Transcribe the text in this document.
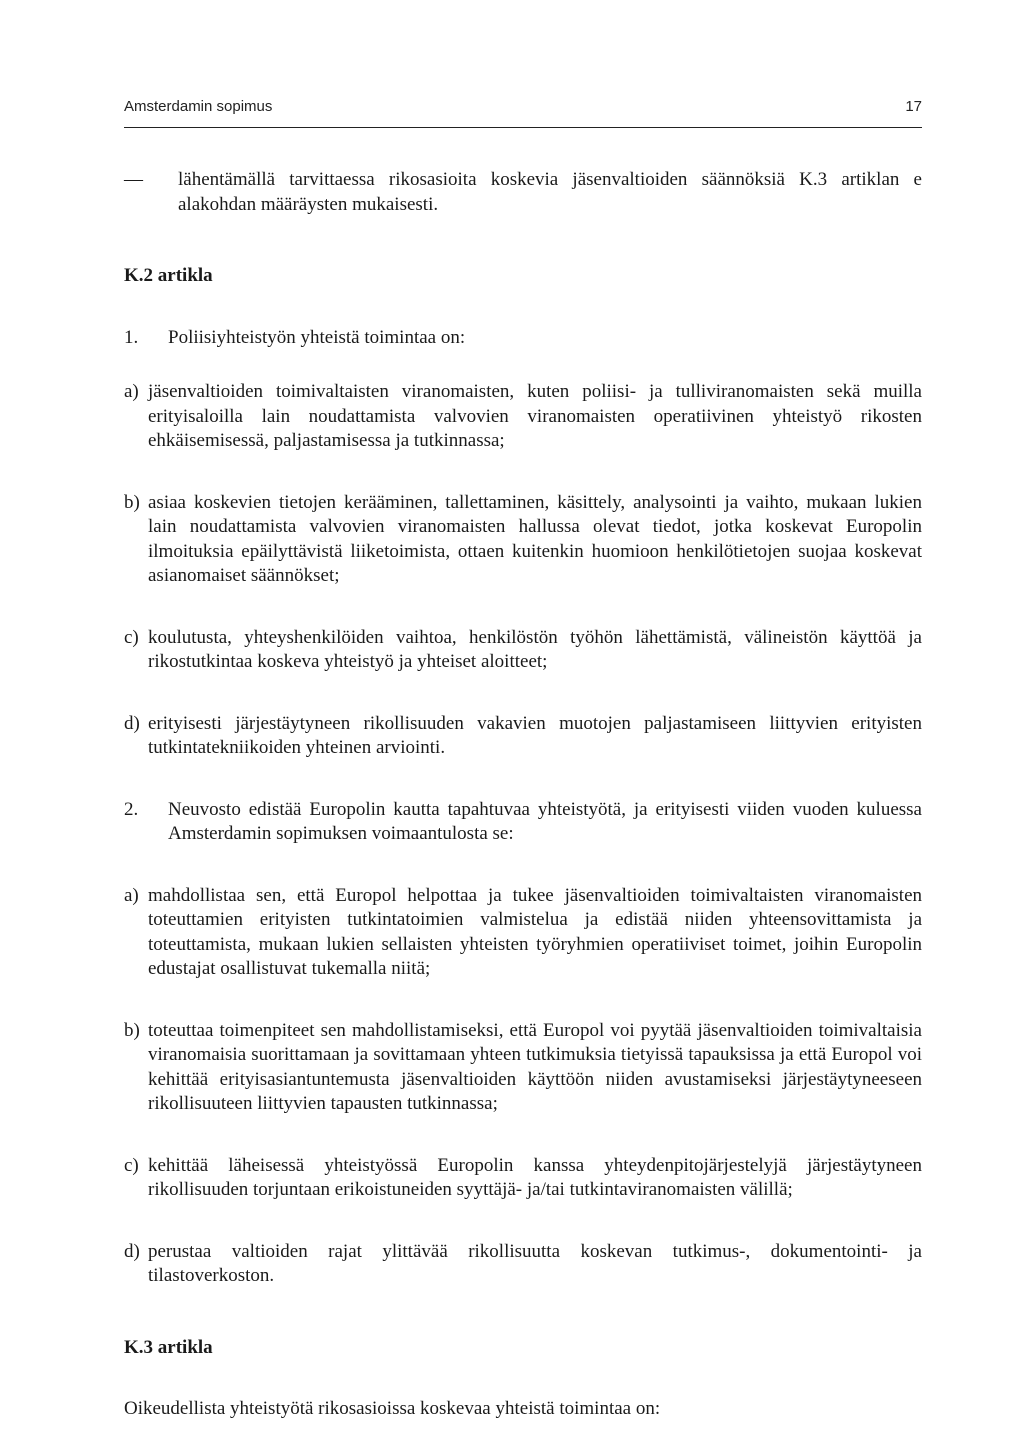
Amsterdamin sopimus	17
—	lähentämällä tarvittaessa rikosasioita koskevia jäsenvaltioiden säännöksiä K.3 artiklan e alakohdan määräysten mukaisesti.

K.2 artikla

1.	Poliisiyhteistyön yhteistä toimintaa on:
a) jäsenvaltioiden toimivaltaisten viranomaisten, kuten poliisi- ja tulliviranomaisten sekä muilla erityisaloilla lain noudattamista valvovien viranomaisten operatiivinen yhteistyö rikosten ehkäisemisessä, paljastamisessa ja tutkinnassa;
b) asiaa koskevien tietojen kerääminen, tallettaminen, käsittely, analysointi ja vaihto, mukaan lukien lain noudattamista valvovien viranomaisten hallussa olevat tiedot, jotka koskevat Europolin ilmoituksia epäilyttävistä liiketoimista, ottaen kuitenkin huomioon henkilötietojen suojaa koskevat asianomaiset säännökset;
c) koulutusta, yhteyshenkilöiden vaihtoa, henkilöstön työhön lähettämistä, välineistön käyttöä ja rikostutkintaa koskeva yhteistyö ja yhteiset aloitteet;
d) erityisesti järjestäytyneen rikollisuuden vakavien muotojen paljastamiseen liittyvien erityisten tutkintatekniikoiden yhteinen arviointi.
2.	Neuvosto edistää Europolin kautta tapahtuvaa yhteistyötä, ja erityisesti viiden vuoden kuluessa Amsterdamin sopimuksen voimaantulosta se:
a) mahdollistaa sen, että Europol helpottaa ja tukee jäsenvaltioiden toimivaltaisten viranomaisten toteuttamien erityisten tutkintatoimien valmistelua ja edistää niiden yhteensovittamista ja toteuttamista, mukaan lukien sellaisten yhteisten työryhmien operatiiviset toimet, joihin Europolin edustajat osallistuvat tukemalla niitä;
b) toteuttaa toimenpiteet sen mahdollistamiseksi, että Europol voi pyytää jäsenvaltioiden toimivaltaisia viranomaisia suorittamaan ja sovittamaan yhteen tutkimuksia tietyissä tapauksissa ja että Europol voi kehittää erityisasiantuntemusta jäsenvaltioiden käyttöön niiden avustamiseksi järjestäytyneeseen rikollisuuteen liittyvien tapausten tutkinnassa;
c) kehittää läheisessä yhteistyössä Europolin kanssa yhteydenpitojärjestelyjä järjestäytyneen rikollisuuden torjuntaan erikoistuneiden syyttäjä- ja/tai tutkintaviranomaisten välillä;
d) perustaa valtioiden rajat ylittävää rikollisuutta koskevan tutkimus-, dokumentointi- ja tilastoverkoston.

K.3 artikla

Oikeudellista yhteistyötä rikosasioissa koskevaa yhteistä toimintaa on:
